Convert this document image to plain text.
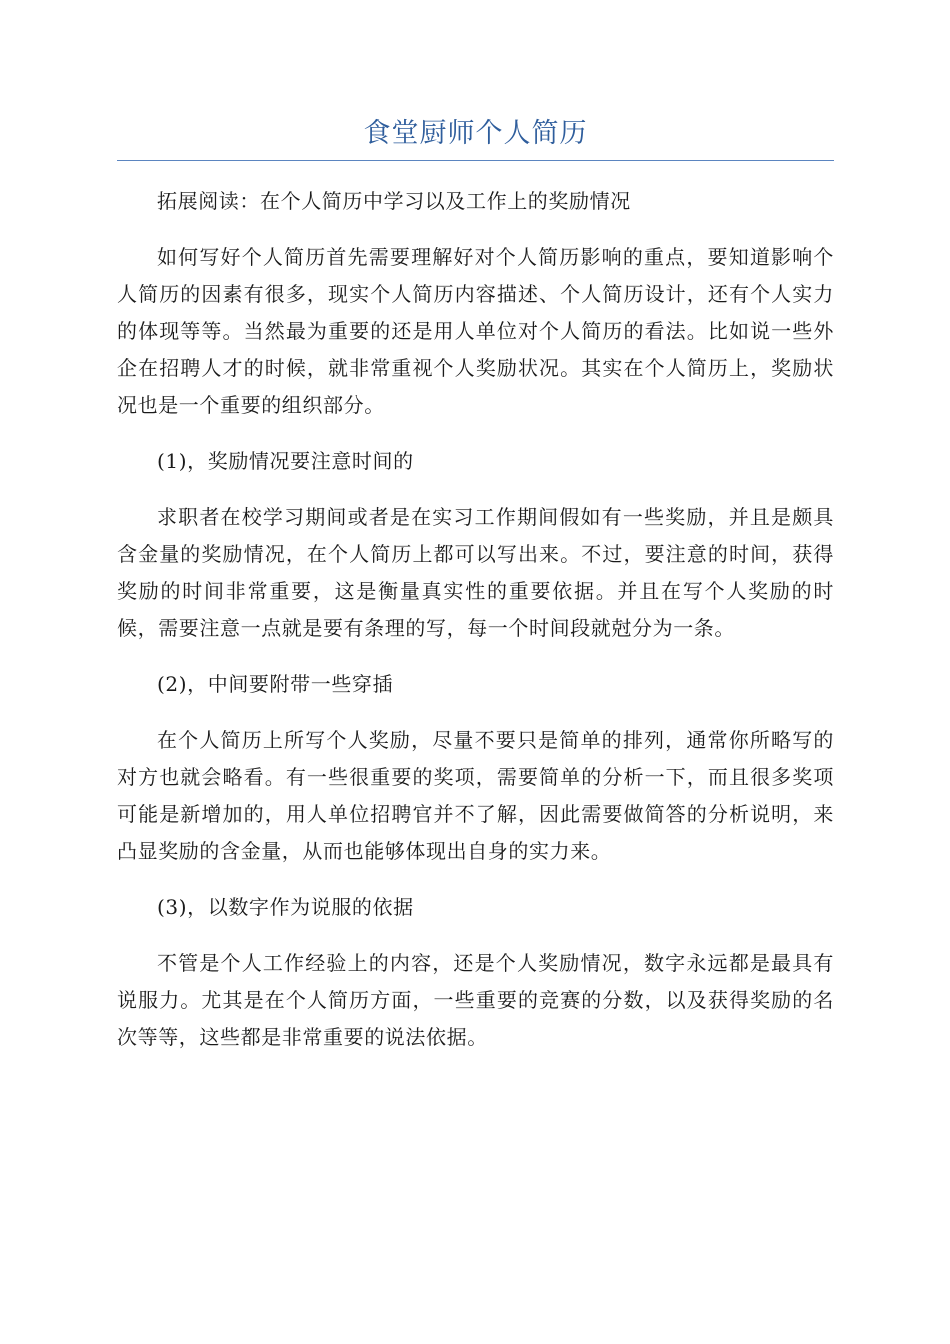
食堂厨师个人简历

拓展阅读：在个人简历中学习以及工作上的奖励情况

如何写好个人简历首先需要理解好对个人简历影响的重点，要知道影响个人简历的因素有很多，现实个人简历内容描述、个人简历设计，还有个人实力的体现等等。当然最为重要的还是用人单位对个人简历的看法。比如说一些外企在招聘人才的时候，就非常重视个人奖励状况。其实在个人简历上，奖励状况也是一个重要的组织部分。

(1)，奖励情况要注意时间的

求职者在校学习期间或者是在实习工作期间假如有一些奖励，并且是颇具含金量的奖励情况，在个人简历上都可以写出来。不过，要注意的时间，获得奖励的时间非常重要，这是衡量真实性的重要依据。并且在写个人奖励的时候，需要注意一点就是要有条理的写，每一个时间段就尅分为一条。

(2)，中间要附带一些穿插

在个人简历上所写个人奖励，尽量不要只是简单的排列，通常你所略写的对方也就会略看。有一些很重要的奖项，需要简单的分析一下，而且很多奖项可能是新增加的，用人单位招聘官并不了解，因此需要做简答的分析说明，来凸显奖励的含金量，从而也能够体现出自身的实力来。

(3)，以数字作为说服的依据

不管是个人工作经验上的内容，还是个人奖励情况，数字永远都是最具有说服力。尤其是在个人简历方面，一些重要的竞赛的分数，以及获得奖励的名次等等，这些都是非常重要的说法依据。
